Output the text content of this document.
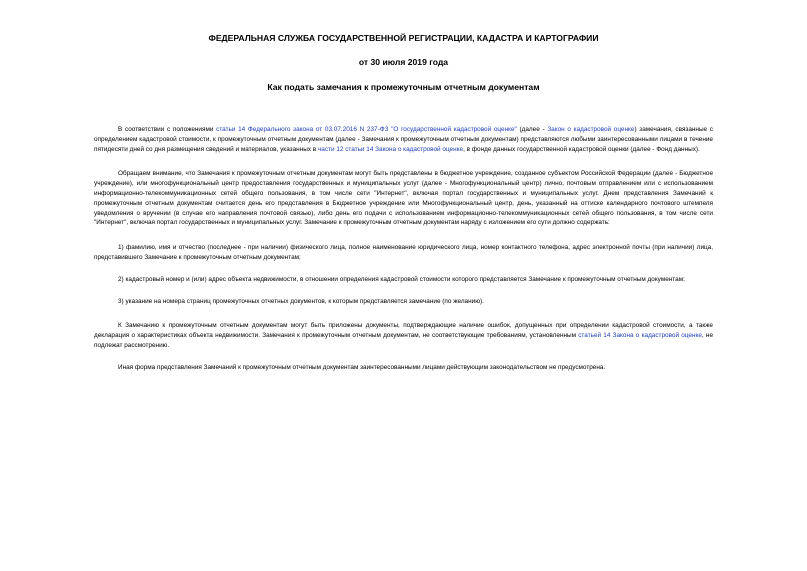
ФЕДЕРАЛЬНАЯ СЛУЖБА ГОСУДАРСТВЕННОЙ РЕГИСТРАЦИИ, КАДАСТРА И КАРТОГРАФИИ
от 30 июля 2019 года
Как подать замечания к промежуточным отчетным документам

В соответствии с положениями статьи 14 Федерального закона от 03.07.2016 N 237-ФЗ "О государственной кадастровой оценке" (далее - Закон о кадастровой оценке) замечания, связанные с определением кадастровой стоимости, к промежуточным отчетным документам (далее - Замечания к промежуточным отчетным документам) представляются любыми заинтересованными лицами в течение пятидесяти дней со дня размещения сведений и материалов, указанных в части 12 статьи 14 Закона о кадастровой оценке, в фонде данных государственной кадастровой оценки (далее - Фонд данных).

Обращаем внимание, что Замечания к промежуточным отчетным документам могут быть представлены в бюджетное учреждение, созданное субъектом Российской Федерации (далее - Бюджетное учреждение), или многофункциональный центр предоставления государственных и муниципальных услуг (далее - Многофункциональный центр) лично, почтовым отправлением или с использованием информационно-телекоммуникационных сетей общего пользования, в том числе сети "Интернет", включая портал государственных и муниципальных услуг. Днем представления Замечаний к промежуточным отчетным документам считается день его представления в Бюджетное учреждение или Многофункциональный центр, день, указанный на оттиске календарного почтового штемпеля уведомления о вручении (в случае его направления почтовой связью), либо день его подачи с использованием информационно-телекоммуникационных сетей общего пользования, в том числе сети "Интернет", включая портал государственных и муниципальных услуг. Замечание к промежуточным отчетным документам наряду с изложением его сути должно содержать:

1) фамилию, имя и отчество (последнее - при наличии) физического лица, полное наименование юридического лица, номер контактного телефона, адрес электронной почты (при наличии) лица, представившего Замечание к промежуточным отчетным документам;

2) кадастровый номер и (или) адрес объекта недвижимости, в отношении определения кадастровой стоимости которого представляется Замечание к промежуточным отчетным документам;

3) указание на номера страниц промежуточных отчетных документов, к которым представляется замечание (по желанию).

К Замечанию к промежуточным отчетным документам могут быть приложены документы, подтверждающие наличие ошибок, допущенных при определении кадастровой стоимости, а также декларация о характеристиках объекта недвижимости. Замечания к промежуточным отчетным документам, не соответствующие требованиям, установленным статьей 14 Закона о кадастровой оценке, не подлежат рассмотрению.

Иная форма представления Замечаний к промежуточным отчетным документам заинтересованными лицами действующим законодательством не предусмотрена.
